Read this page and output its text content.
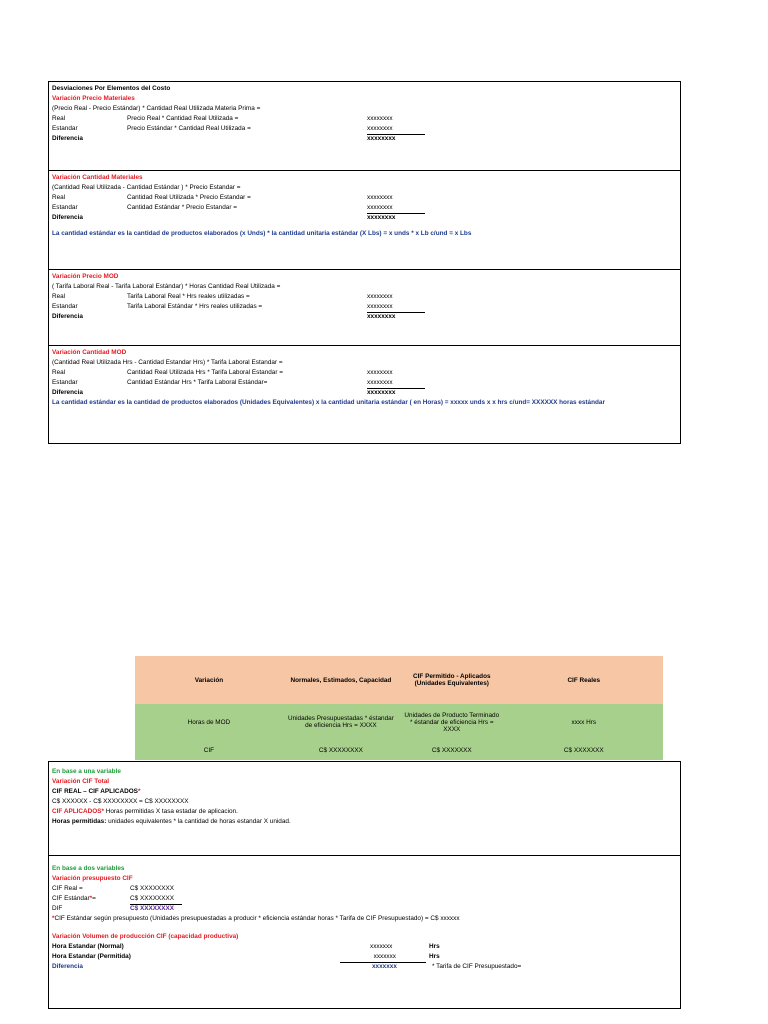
Desviaciones Por Elementos del Costo
Variación Precio Materiales
(Precio Real - Precio Estándar) * Cantidad Real Utilizada Materia Prima =
Real	Precio Real * Cantidad Real Utilizada =	xxxxxxxx
Estandar	Precio Estándar * Cantidad Real Utilizada =	xxxxxxxx
Diferencia	xxxxxxxx
Variación Cantidad Materiales
(Cantidad Real Utilizada - Cantidad Estándar ) * Precio Estandar =
Real	Cantidad Real Utilizada * Precio Estandar =	xxxxxxxx
Estandar	Cantidad Estándar * Precio Estandar =	xxxxxxxx
Diferencia	xxxxxxxx
La cantidad estándar es la cantidad de productos elaborados (x Unds) * la cantidad unitaria estándar (X Lbs) = x unds * x Lb c/und = x Lbs
Variación Precio MOD
( Tarifa Laboral Real - Tarifa Laboral Estándar) * Horas Cantidad Real Utilizada =
Real	Tarifa Laboral Real * Hrs reales utilizadas =	xxxxxxxx
Estandar	Tarifa Laboral Estándar * Hrs reales utilizadas =	xxxxxxxx
Diferencia	xxxxxxxx
Variación Cantidad MOD
(Cantidad Real Utilizada Hrs - Cantidad Estandar Hrs) * Tarifa Laboral Estandar =
Real	Cantidad Real Utilizada Hrs * Tarifa Laboral Estandar =	xxxxxxxx
Estandar	Cantidad Estándar Hrs * Tarifa Laboral Estándar=	xxxxxxxx
Diferencia	xxxxxxxx
La cantidad estándar es la cantidad de productos elaborados (Unidades Equivalentes) x la cantidad unitaria estándar ( en Horas) = xxxxx unds x x hrs c/und= XXXXXX horas estándar
Variación	Normales, Estimados, Capacidad	CIF Permitido - Aplicados (Unidades Equivalentes)	CIF Reales
Horas de MOD	Unidades Presupuestadas * éstandar de eficiencia Hrs = XXXX	Unidades de Producto Terminado * éstandar de eficiencia Hrs = XXXX	xxxx Hrs
CIF	C$ XXXXXXXX	C$ XXXXXXX	C$ XXXXXXX
En base a una variable
Variación CIF Total
CIF REAL – CIF APLICADOS*
C$ XXXXXX - C$ XXXXXXXX = C$ XXXXXXXX
CIF APLICADOS* Horas permitidas X tasa estadar de aplicacion.
Horas permitidas: unidades equivalentes * la cantidad de horas estandar X unidad.
En base a dos variables
Variación presupuesto CIF
CIF Real =	C$ XXXXXXXX
CIF Estándar*=	C$ XXXXXXXX
DIF	C$ XXXXXXXX
*CIF Estándar según presupuesto (Unidades presupuestadas a producir * eficiencia estándar horas * Tarifa de CIF Presupuestado) = C$ xxxxxx
Variación Volumen de producción CIF (capacidad productiva)
Hora Estandar (Normal)	xxxxxxx	Hrs
Hora Estandar (Permitida)	xxxxxxx	Hrs
Diferencia	xxxxxxx	* Tarifa de CIF Presupuestado=
